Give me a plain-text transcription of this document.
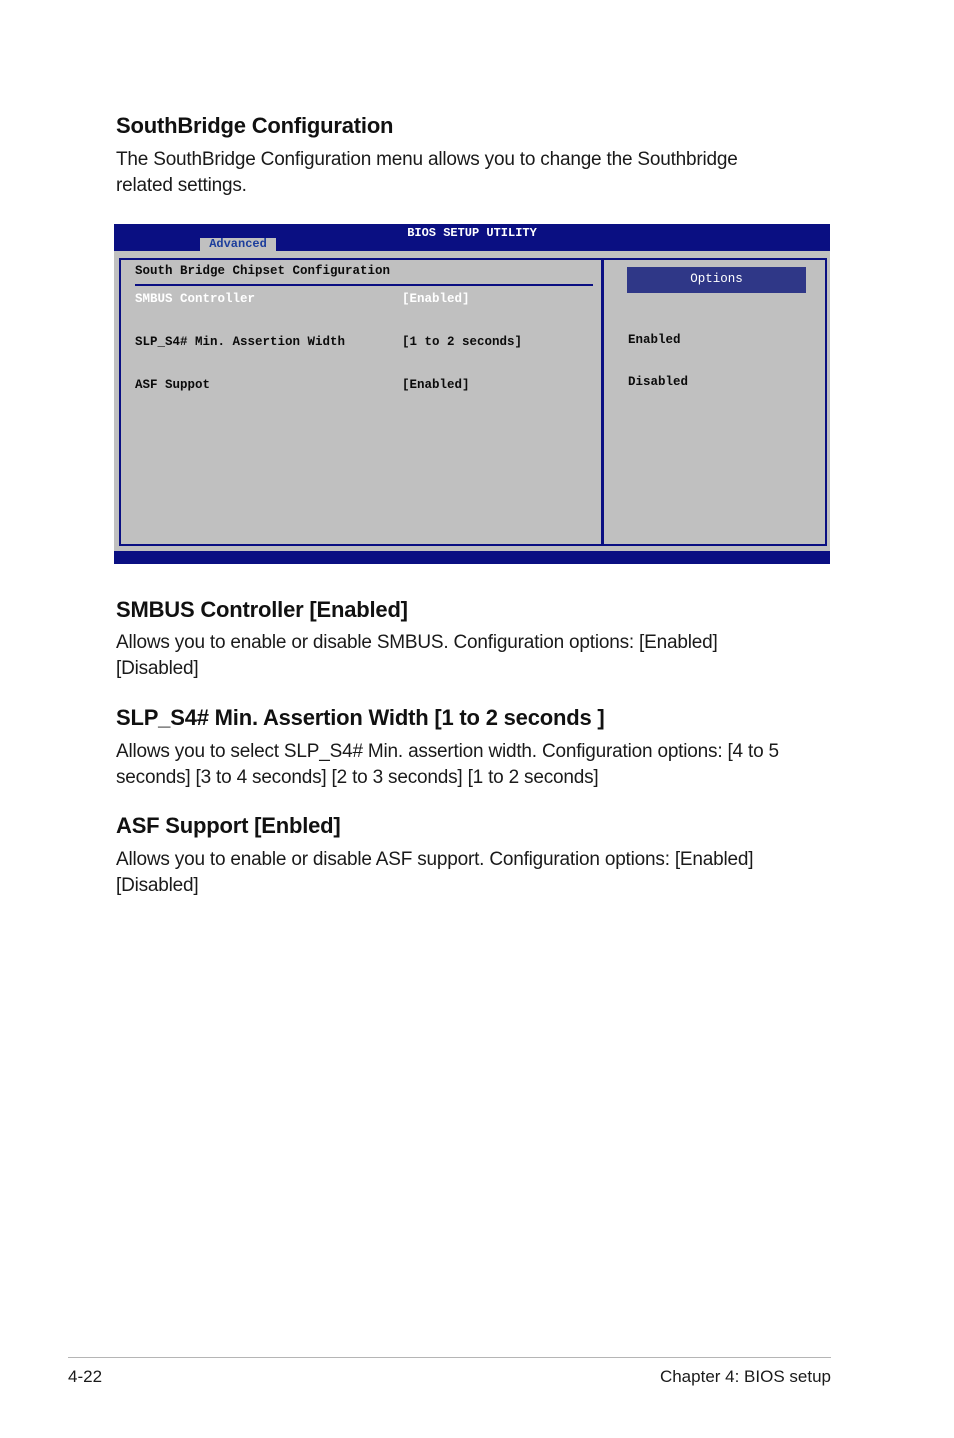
SouthBridge Configuration

The SouthBridge Configuration menu allows you to change the Southbridge
related settings.

BIOS SETUP UTILITY
Advanced
South Bridge Chipset Configuration
SMBUS Controller	[Enabled]
SLP_S4# Min. Assertion Width	[1 to 2 seconds]
ASF Suppot	[Enabled]
Options

Enabled

Disabled

SMBUS Controller [Enabled]

Allows you to enable or disable SMBUS. Configuration options: [Enabled]
[Disabled]

SLP_S4# Min. Assertion Width [1 to 2 seconds ]

Allows you to select SLP_S4# Min. assertion width. Configuration options: [4 to 5
seconds] [3 to 4 seconds] [2 to 3 seconds] [1 to 2 seconds]

ASF Support [Enbled]

Allows you to enable or disable ASF support. Configuration options: [Enabled]
[Disabled]

4-22	Chapter 4: BIOS setup
